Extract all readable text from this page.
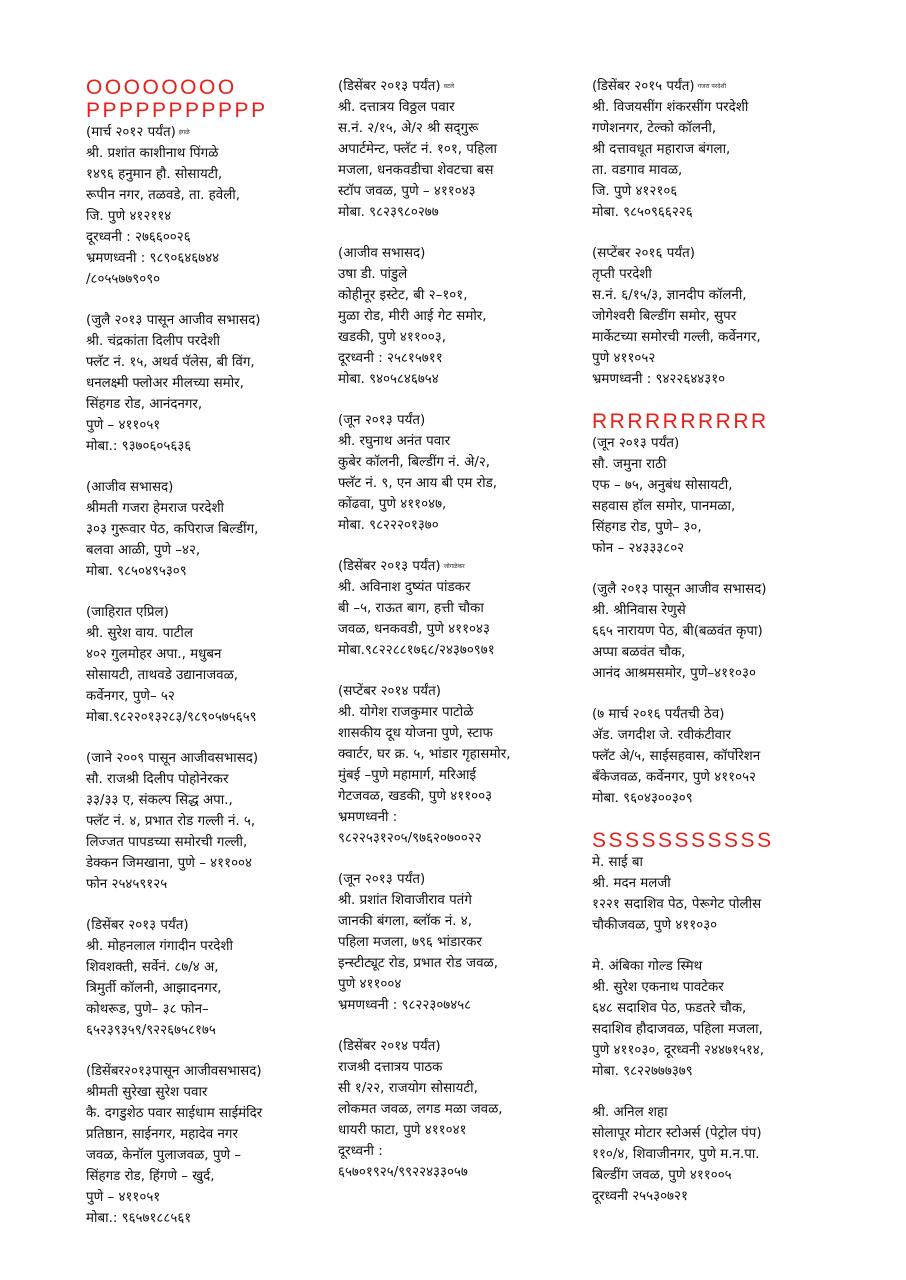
OOOOOOOO
PPPPPPPPPPP
(मार्च २०१२ पर्यंत) $^{इंगळे}$
श्री. प्रशांत काशीनाथ पिंगळे
१४९६ हनुमान हौ. सोसायटी,
रूपीन नगर, तळवडे, ता. हवेली,
जि. पुणे ४१२११४
दूरध्वनी : २७६६००२६
भ्रमणध्वनी : ९८९०६४६७४४
/८०५५७७९०९०
(जुलै २०१३ पासून आजीव सभासद)
श्री. चंद्रकांता दिलीप परदेशी
फ्लॅट नं. १५, अथर्व पॅलेस, बी विंग,
धनलक्ष्मी फ्लोअर मीलच्या समोर,
सिंहगड रोड, आनंदनगर,
पुणे – ४११०५१
मोबा.: ९३७०६०५६३६
(आजीव सभासद)
श्रीमती गजरा हेमराज परदेशी
३०३ गुरूवार पेठ, कपिराज बिल्डींग,
बलवा आळी, पुणे –४२,
मोबा. ९८५०४९५३०९
(जाहिरात एप्रिल)
श्री. सुरेश वाय. पाटील
४०२ गुलमोहर अपा., मधुबन
सोसायटी, ताथवडे उद्यानाजवळ,
कर्वेनगर, पुणे– ५२
मोबा.९८२२०१३२८३/९८९०५७५६५९
(जाने २००९ पासून आजीवसभासद)
सौ. राजश्री दिलीप पोहोनेरकर
३३/३३ ए, संकल्प सिद्ध अपा.,
फ्लॅट नं. ४, प्रभात रोड गल्ली नं. ५,
लिज्जत पापडच्या समोरची गल्ली,
डेक्कन जिमखाना, पुणे – ४११००४
फोन २५४५९१२५
(डिसेंबर २०१३ पर्यंत)
श्री. मोहनलाल गंगादीन परदेशी
शिवशक्ती, सर्वेनं. ८७/४ अ,
त्रिमुर्ती कॉलनी, आझादनगर,
कोथरूड, पुणे– ३८ फोन–
६५२३९३५९/९२२६७५८१७५
(डिसेंबर२०१३पासून आजीवसभासद)
श्रीमती सुरेखा सुरेश पवार
कै. दगडुशेठ पवार साईधाम साईमंदिर
प्रतिष्ठान, साईनगर, महादेव नगर
जवळ, केनॉल पुलाजवळ, पुणे –
सिंहगड रोड, हिंगणे – खुर्द,
पुणे – ४११०५१
मोबा.: ९६५७१८८५६१
(डिसेंबर २०१३ पर्यंत) $^{वटले}$
श्री. दत्तात्रय विठ्ठल पवार
स.नं. २/१५, अे/२ श्री सद्‌गुरू
अपार्टमेन्ट, फ्लॅट नं. १०१, पहिला
मजला, धनकवडीचा शेवटचा बस
स्टॉप जवळ, पुणे – ४११०४३
मोबा. ९८२३९८०२७७
(आजीव सभासद)
उषा डी. पांडुले
कोहीनूर इस्टेट, बी २–१०१,
मुळा रोड, मीरी आई गेट समोर,
खडकी, पुणे ४११००३,
दूरध्वनी : २५८१५७११
मोबा. ९४०५८४६७५४
(जून २०१३ पर्यंत)
श्री. रघुनाथ अनंत पवार
कुबेर कॉलनी, बिल्डींग नं. अे/२,
फ्लॅट नं. ९, एन आय बी एम रोड,
कोंढवा, पुणे ४११०४७,
मोबा. ९८२२२०१३७०
(डिसेंबर २०१३ पर्यंत) $^{जोगळेकर}$
श्री. अविनाश दुष्यंत पांडकर
बी –५, राऊत बाग, हत्ती चौका
जवळ, धनकवडी, पुणे ४११०४३
मोबा.९८२२८८१७६८/२४३७०९७१
(सप्टेंबर २०१४ पर्यंत)
श्री. योगेश राजकुमार पाटोळे
शासकीय दूध योजना पुणे, स्टाफ
क्वार्टर, घर क्र. ५, भांडार गृहासमोर,
मुंबई –पुणे महामार्ग, मरिआई
गेटजवळ, खडकी, पुणे ४११००३
भ्रमणध्वनी :
९८२२५३१२०५/९७६२०७००२२
(जून २०१३ पर्यंत)
श्री. प्रशांत शिवाजीराव पतंगे
जानकी बंगला, ब्लॉक नं. ४,
पहिला मजला, ७९६ भांडारकर
इन्स्टीट्यूट रोड, प्रभात रोड जवळ,
पुणे ४११००४
भ्रमणध्वनी : ९८२२३०७४५८
(डिसेंबर २०१४ पर्यंत)
राजश्री दत्तात्रय पाठक
सी १/२२, राजयोग सोसायटी,
लोकमत जवळ, लगड मळा जवळ,
धायरी फाटा, पुणे ४११०४१
दूरध्वनी :
६५७०१९२५/९९२२४३३०५७
(डिसेंबर २०१५ पर्यंत) $^{गजरा परदेशी}$
श्री. विजयसींग शंकरसींग परदेशी
गणेशनगर, टेल्को कॉलनी,
श्री दत्तावधूत महाराज बंगला,
ता. वडगाव मावळ,
जि. पुणे ४१२१०६
मोबा. ९८५०९६६२२६
(सप्टेंबर २०१६ पर्यंत)
तृप्ती परदेशी
स.नं. ६/१५/३, ज्ञानदीप कॉलनी,
जोगेश्वरी बिल्डींग समोर, सुपर
मार्केटच्या समोरची गल्ली, कर्वेनगर,
पुणे ४११०५२
भ्रमणध्वनी : ९४२२६४४३१०
RRRRRRRRRR
(जून २०१३ पर्यंत)
सौ. जमुना राठी
एफ – ७५, अनुबंध सोसायटी,
सहवास हॉल समोर, पानमळा,
सिंहगड रोड, पुणे– ३०,
फोन – २४३३३८०२
(जुलै २०१३ पासून आजीव सभासद)
श्री. श्रीनिवास रेणुसे
६६५ नारायण पेठ, बी(बळवंत कृपा)
अप्पा बळवंत चौक,
आनंद आश्रमसमोर, पुणे–४११०३०
(७ मार्च २०१६ पर्यंतची ठेव)
अ‍ॅड. जगदीश जे. रवीकंटीवार
फ्लॅट अे/५, साईसहवास, कॉर्पोरेशन
बँकेजवळ, कर्वेनगर, पुणे ४११०५२
मोबा. ९६०४३००३०९
SSSSSSSSSSS
मे. साई बा
श्री. मदन मलजी
१२२१ सदाशिव पेठ, पेरूगेट पोलीस
चौकीजवळ, पुणे ४११०३०
मे. अंबिका गोल्ड स्मिथ
श्री. सुरेश एकनाथ पावटेकर
६४८ सदाशिव पेठ, फडतरे चौक,
सदाशिव हौदाजवळ, पहिला मजला,
पुणे ४११०३०, दूरध्वनी २४४७१५१४,
मोबा. ९८२२७७७३७९
श्री. अनिल शहा
सोलापूर मोटार स्टोअर्स (पेट्रोल पंप)
११०/४, शिवाजीनगर, पुणे म.न.पा.
बिल्डींग जवळ, पुणे ४११००५
दूरध्वनी २५५३०७२१
